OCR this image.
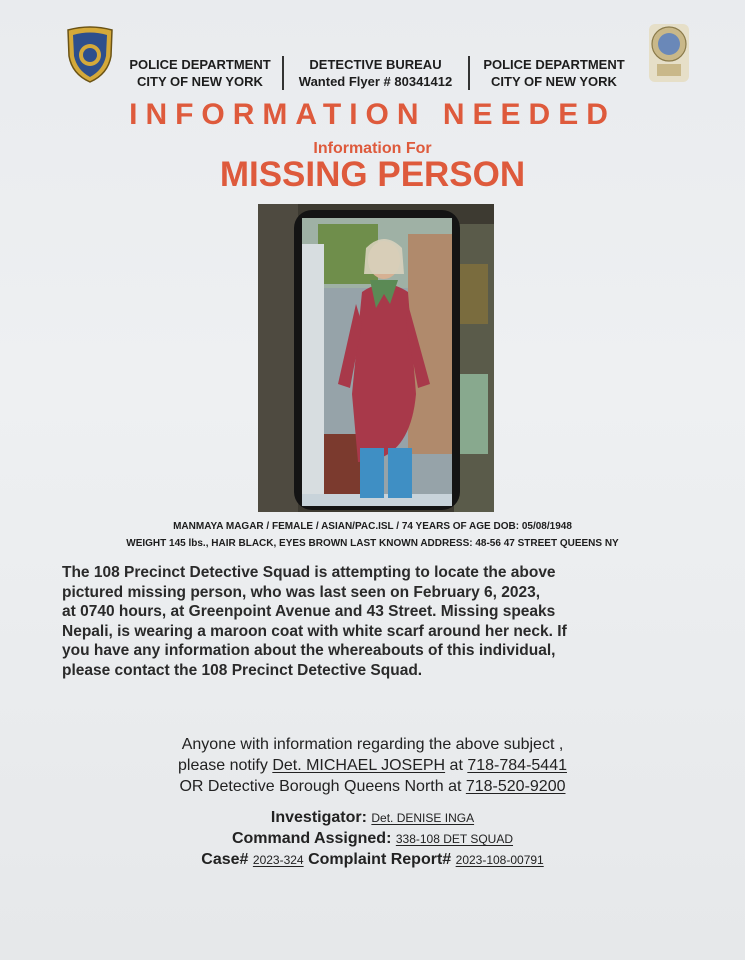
POLICE DEPARTMENT
CITY OF NEW YORK
DETECTIVE BUREAU
Wanted Flyer # 80341412
POLICE DEPARTMENT
CITY OF NEW YORK
INFORMATION NEEDED
Information For
MISSING PERSON
MANMAYA MAGAR / FEMALE / ASIAN/PAC.ISL / 74 YEARS OF AGE DOB: 05/08/1948
WEIGHT 145 lbs., HAIR BLACK, EYES BROWN LAST KNOWN ADDRESS: 48-56 47 STREET QUEENS NY
The 108 Precinct Detective Squad is attempting to locate the above
pictured missing person, who was last seen on February 6, 2023,
at 0740 hours, at Greenpoint Avenue and 43 Street. Missing speaks
Nepali, is wearing a maroon coat with white scarf around her neck. If
you have any information about the whereabouts of this individual,
please contact the 108 Precinct Detective Squad.
Anyone with information regarding the above subject ,
please notify Det. MICHAEL JOSEPH at 718-784-5441
OR Detective Borough Queens North at 718-520-9200
Investigator: Det. DENISE INGA
Command Assigned: 338-108 DET SQUAD
Case# 2023-324 Complaint Report# 2023-108-00791
